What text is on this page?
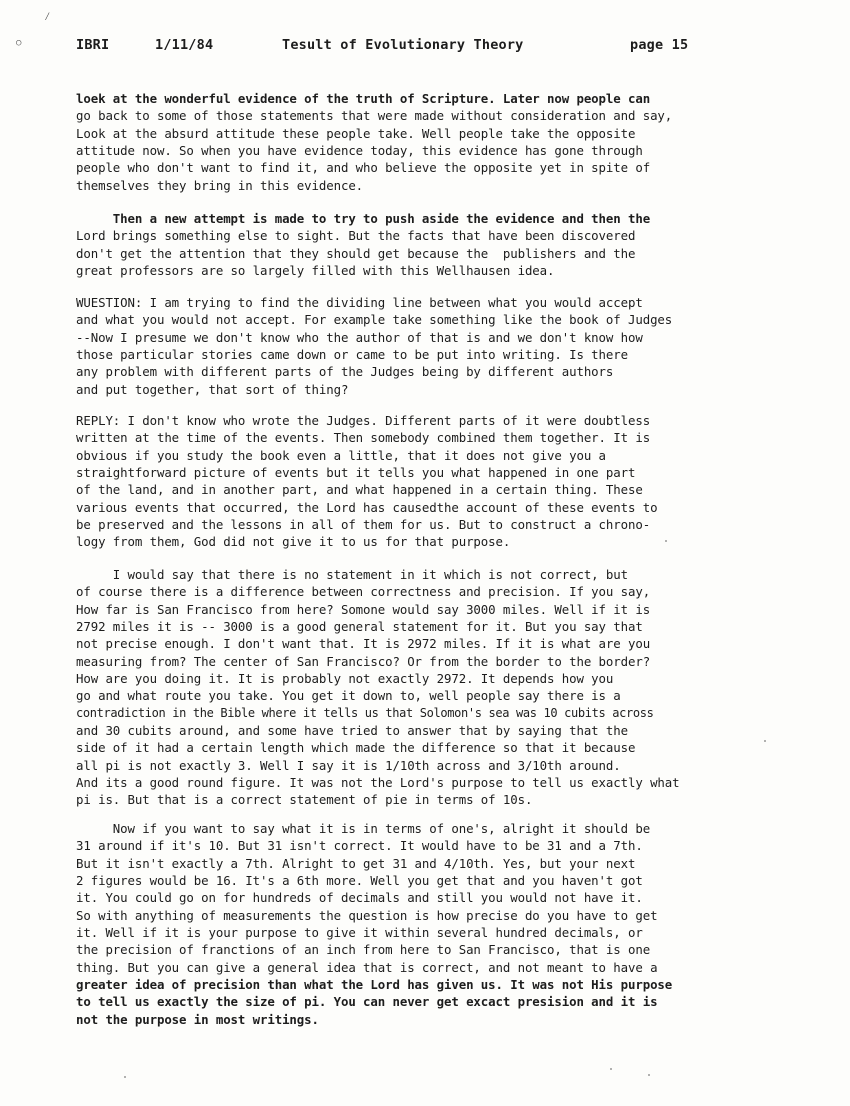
⁄
○	IBRI	1/11/84	Tesult of Evolutionary Theory	page 15
loek at the wonderful evidence of the truth of Scripture. Later now people can
go back to some of those statements that were made without consideration and say,
Look at the absurd attitude these people take. Well people take the opposite
attitude now. So when you have evidence today, this evidence has gone through
people who don't want to find it, and who believe the opposite yet in spite of
themselves they bring in this evidence.
Then a new attempt is made to try to push aside the evidence and then the
Lord brings something else to sight. But the facts that have been discovered
don't get the attention that they should get because the  publishers and the
great professors are so largely filled with this Wellhausen idea.
WUESTION: I am trying to find the dividing line between what you would accept
and what you would not accept. For example take something like the book of Judges
--Now I presume we don't know who the author of that is and we don't know how
those particular stories came down or came to be put into writing. Is there
any problem with different parts of the Judges being by different authors
and put together, that sort of thing?
REPLY: I don't know who wrote the Judges. Different parts of it were doubtless
written at the time of the events. Then somebody combined them together. It is
obvious if you study the book even a little, that it does not give you a
straightforward picture of events but it tells you what happened in one part
of the land, and in another part, and what happened in a certain thing. These
various events that occurred, the Lord has causedthe account of these events to
be preserved and the lessons in all of them for us. But to construct a chrono-
logy from them, God did not give it to us for that purpose.
I would say that there is no statement in it which is not correct, but
of course there is a difference between correctness and precision. If you say,
How far is San Francisco from here? Somone would say 3000 miles. Well if it is
2792 miles it is -- 3000 is a good general statement for it. But you say that
not precise enough. I don't want that. It is 2972 miles. If it is what are you
measuring from? The center of San Francisco? Or from the border to the border?
How are you doing it. It is probably not exactly 2972. It depends how you
go and what route you take. You get it down to, well people say there is a
contradiction in the Bible where it tells us that Solomon's sea was 10 cubits across
and 30 cubits around, and some have tried to answer that by saying that the
side of it had a certain length which made the difference so that it because
all pi is not exactly 3. Well I say it is 1/10th across and 3/10th around.
And its a good round figure. It was not the Lord's purpose to tell us exactly what
pi is. But that is a correct statement of pie in terms of 10s.
Now if you want to say what it is in terms of one's, alright it should be
31 around if it's 10. But 31 isn't correct. It would have to be 31 and a 7th.
But it isn't exactly a 7th. Alright to get 31 and 4/10th. Yes, but your next
2 figures would be 16. It's a 6th more. Well you get that and you haven't got
it. You could go on for hundreds of decimals and still you would not have it.
So with anything of measurements the question is how precise do you have to get
it. Well if it is your purpose to give it within several hundred decimals, or
the precision of franctions of an inch from here to San Francisco, that is one
thing. But you can give a general idea that is correct, and not meant to have a
greater idea of precision than what the Lord has given us. It was not His purpose
to tell us exactly the size of pi. You can never get excact presision and it is
not the purpose in most writings.
